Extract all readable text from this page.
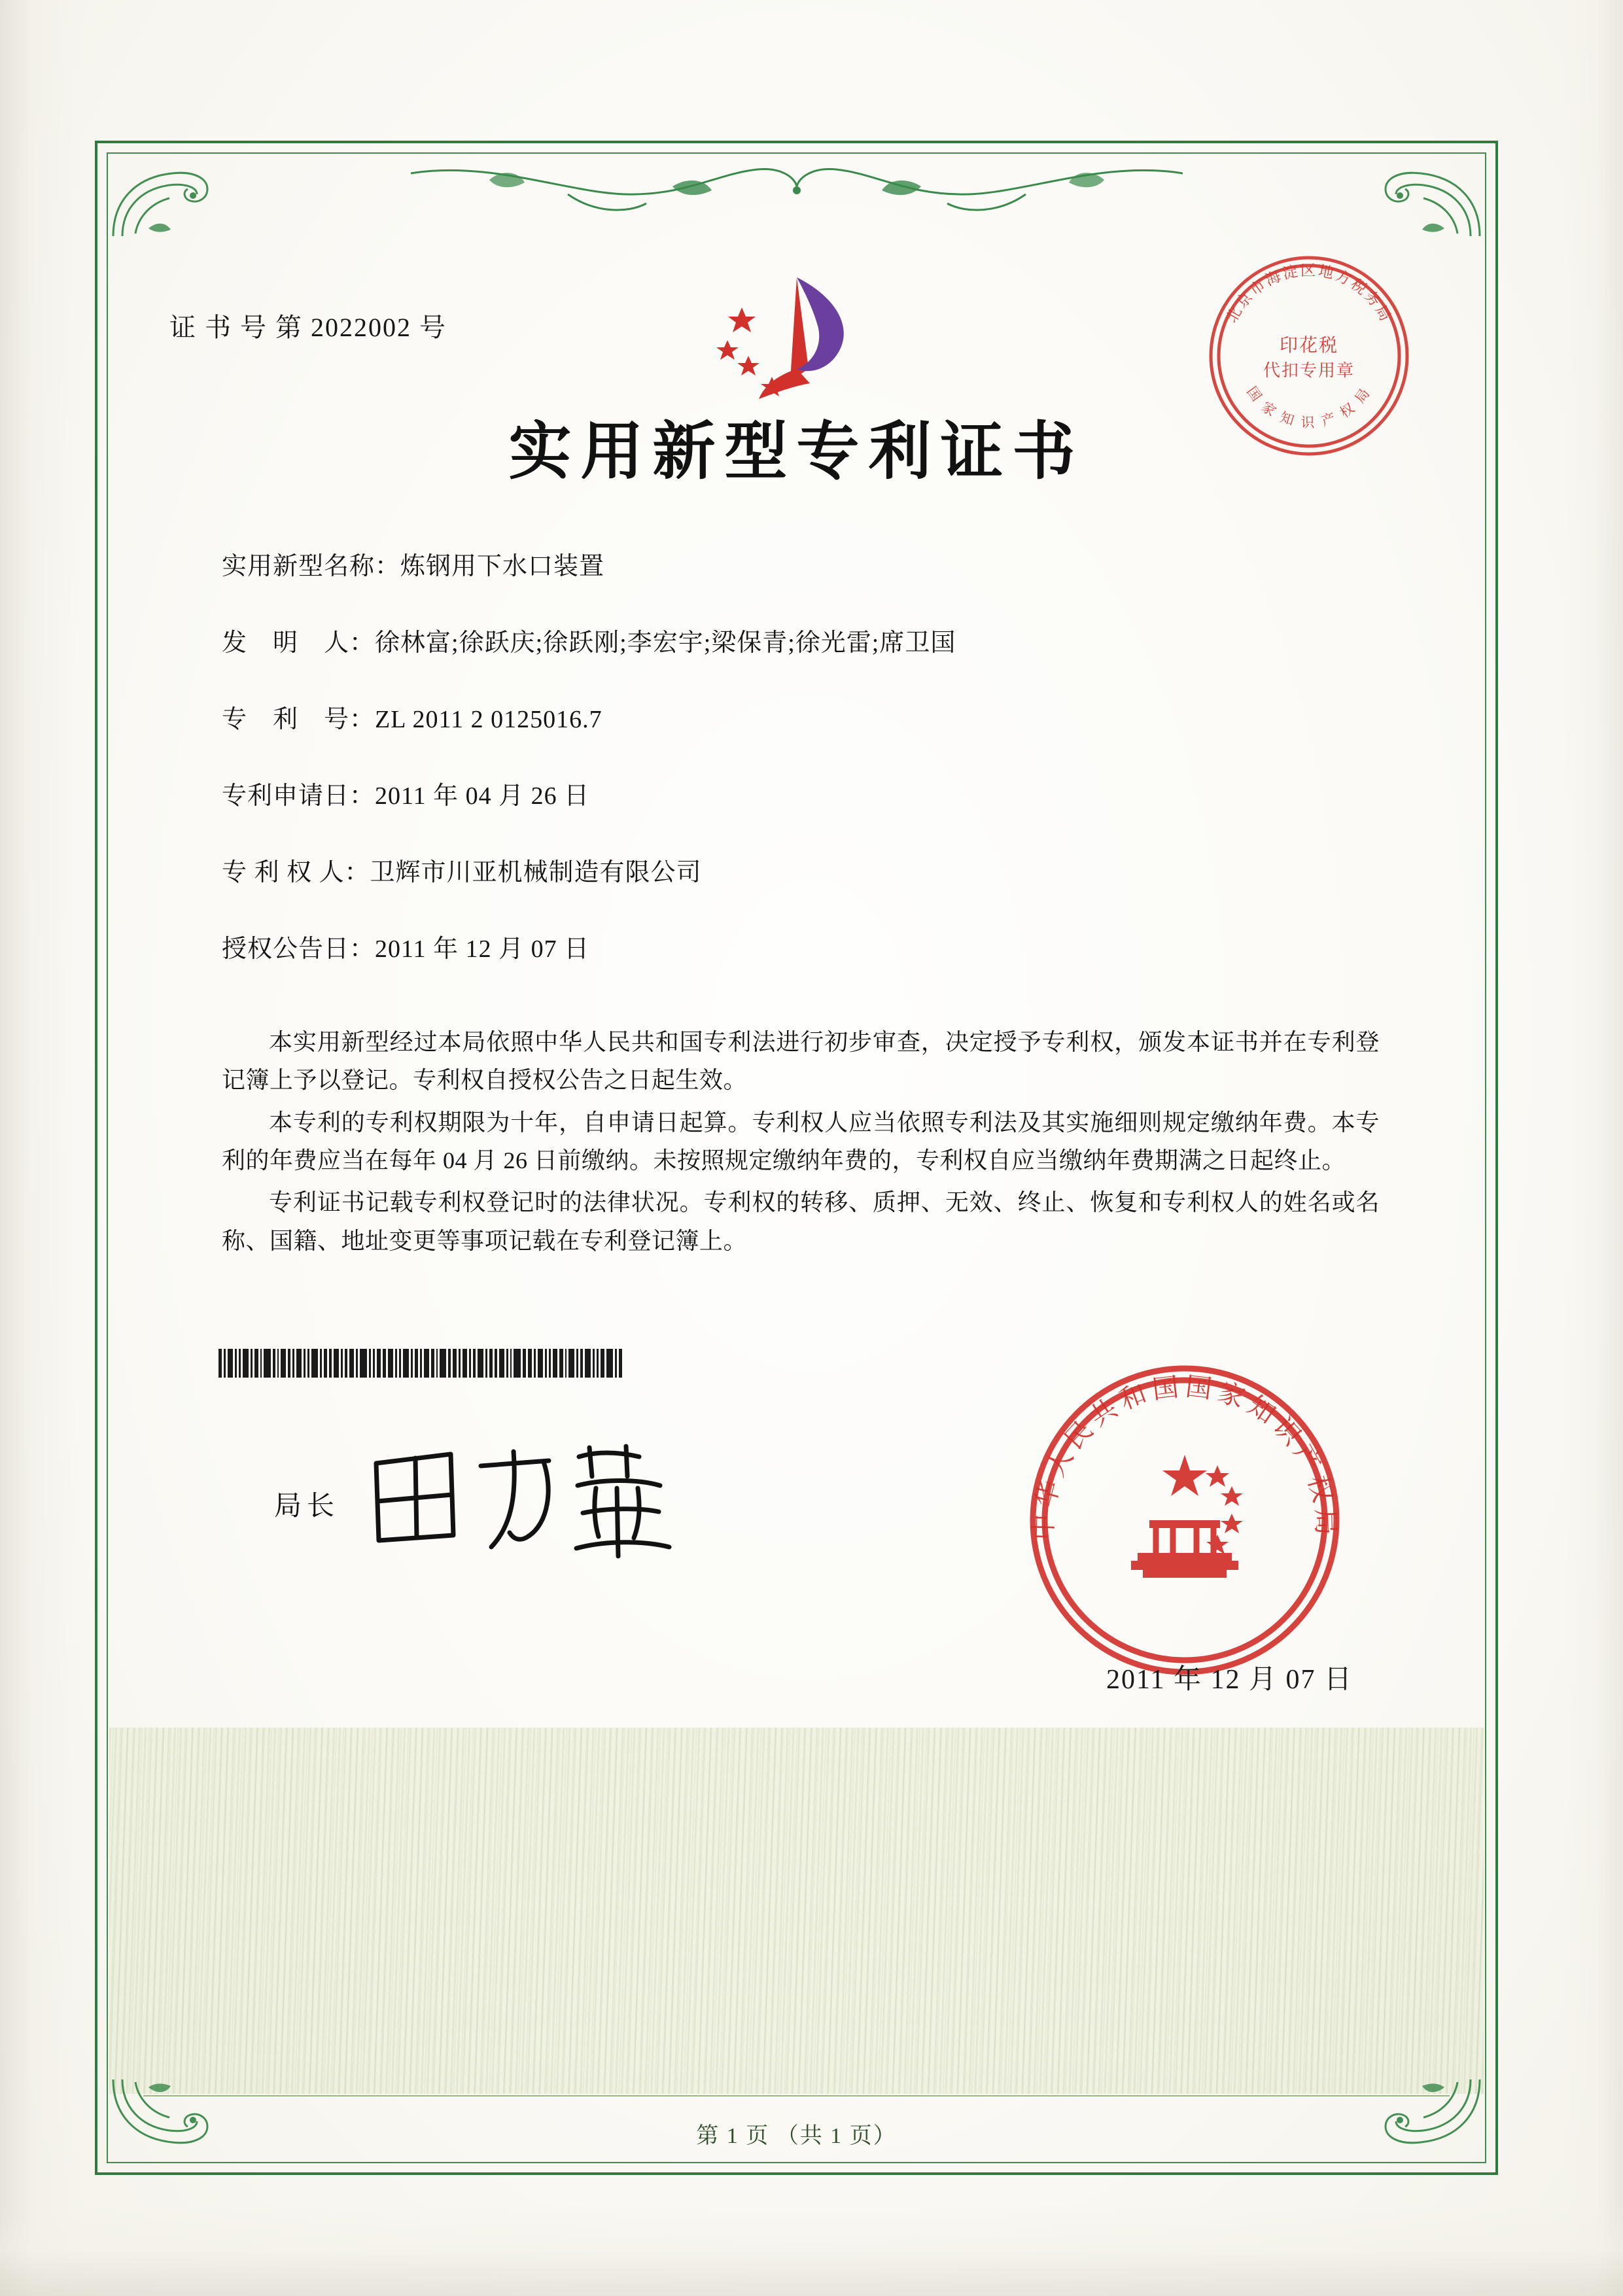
证 书 号 第 2022002 号	北京市海淀区地方税务局
国 家 知 识 产 权 局
印花税
代扣专用章
实用新型专利证书
实用新型名称：炼钢用下水口装置
发　明　人：徐林富;徐跃庆;徐跃刚;李宏宇;梁保青;徐光雷;席卫国
专　利　号：ZL 2011 2 0125016.7
专利申请日：2011 年 04 月 26 日
专 利 权 人：卫辉市川亚机械制造有限公司
授权公告日：2011 年 12 月 07 日

本实用新型经过本局依照中华人民共和国专利法进行初步审查，决定授予专利权，颁发本证书并在专利登记簿上予以登记。专利权自授权公告之日起生效。

本专利的专利权期限为十年，自申请日起算。专利权人应当依照专利法及其实施细则规定缴纳年费。本专利的年费应当在每年 04 月 26 日前缴纳。未按照规定缴纳年费的，专利权自应当缴纳年费期满之日起终止。

专利证书记载专利权登记时的法律状况。专利权的转移、质押、无效、终止、恢复和专利权人的姓名或名称、国籍、地址变更等事项记载在专利登记簿上。

局长
中华人民共和国国家知识产权局
2011 年 12 月 07 日
第 1 页 （共 1 页）
